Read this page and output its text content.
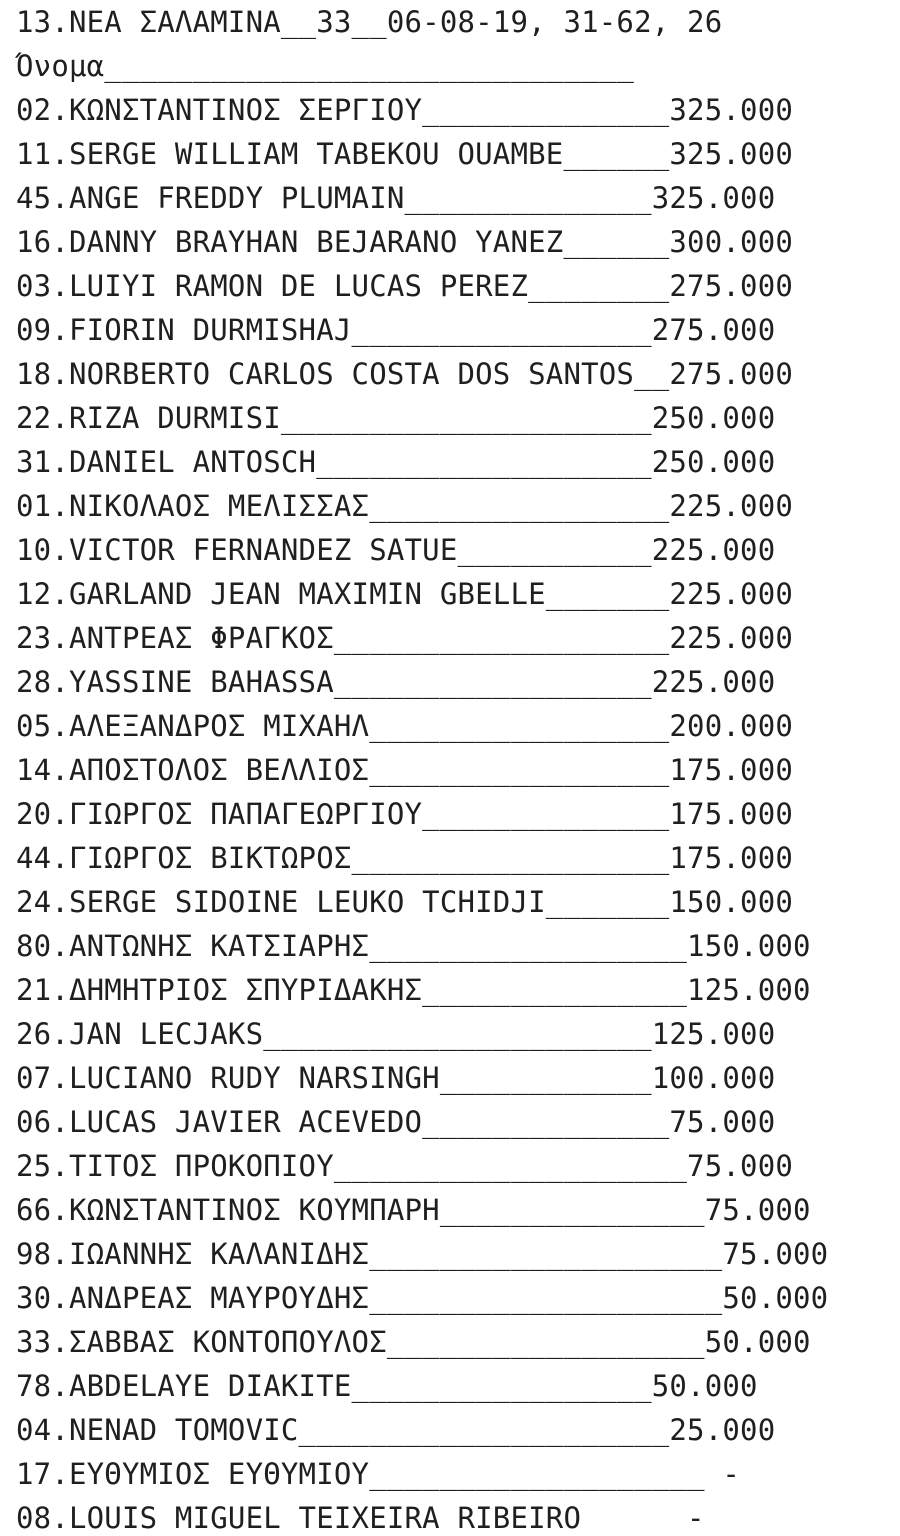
13.ΝΕΑ ΣΑΛΑΜΙΝΑ__33__06-08-19, 31-62, 26

Όνομα______________________________

02.ΚΩΝΣΤΑΝΤΙΝΟΣ ΣΕΡΓΙΟΥ______________325.000

11.SERGE WILLIAM TABEKOU OUAMBE______325.000

45.ANGE FREDDY PLUMAIN______________325.000

16.DANNY BRAYHAN BEJARANO YANEZ______300.000

03.LUIYI RAMON DE LUCAS PEREZ________275.000

09.FIORIN DURMISHAJ_________________275.000

18.NORBERTO CARLOS COSTA DOS SANTOS__275.000

22.RIZA DURMISI_____________________250.000

31.DANIEL ANTOSCH___________________250.000

01.ΝΙΚΟΛΑΟΣ ΜΕΛΙΣΣΑΣ_________________225.000

10.VICTOR FERNANDEZ SATUE___________225.000

12.GARLAND JEAN MAXIMIN GBELLE_______225.000

23.ΑΝΤΡΕΑΣ ΦΡΑΓΚΟΣ___________________225.000

28.YASSINE BAHASSA__________________225.000

05.ΑΛΕΞΑΝΔΡΟΣ ΜΙΧΑΗΛ_________________200.000

14.ΑΠΟΣΤΟΛΟΣ ΒΕΛΛΙΟΣ_________________175.000

20.ΓΙΩΡΓΟΣ ΠΑΠΑΓΕΩΡΓΙΟΥ______________175.000

44.ΓΙΩΡΓΟΣ ΒΙΚΤΩΡΟΣ__________________175.000

24.SERGE SIDOINE LEUKO TCHIDJI_______150.000

80.ΑΝΤΩΝΗΣ ΚΑΤΣΙΑΡΗΣ__________________150.000

21.ΔΗΜΗΤΡΙΟΣ ΣΠΥΡΙΔΑΚΗΣ_______________125.000

26.JAN LECJAKS______________________125.000

07.LUCIANO RUDY NARSINGH____________100.000

06.LUCAS JAVIER ACEVEDO______________75.000

25.ΤΙΤΟΣ ΠΡΟΚΟΠΙΟΥ____________________75.000

66.ΚΩΝΣΤΑΝΤΙΝΟΣ ΚΟΥΜΠΑΡΗ_______________75.000

98.ΙΩΑΝΝΗΣ ΚΑΛΑΝΙΔΗΣ____________________75.000

30.ΑΝΔΡΕΑΣ ΜΑΥΡΟΥΔΗΣ____________________50.000

33.ΣΑΒΒΑΣ ΚΟΝΤΟΠΟΥΛΟΣ__________________50.000

78.ABDELAYE DIAKITE_________________50.000

04.NENAD TOMOVIC_____________________25.000

17.ΕΥΘΥΜΙΟΣ ΕΥΘΥΜΙΟΥ___________________ -

08.LOUIS MIGUEL TEIXEIRA RIBEIRO      -
